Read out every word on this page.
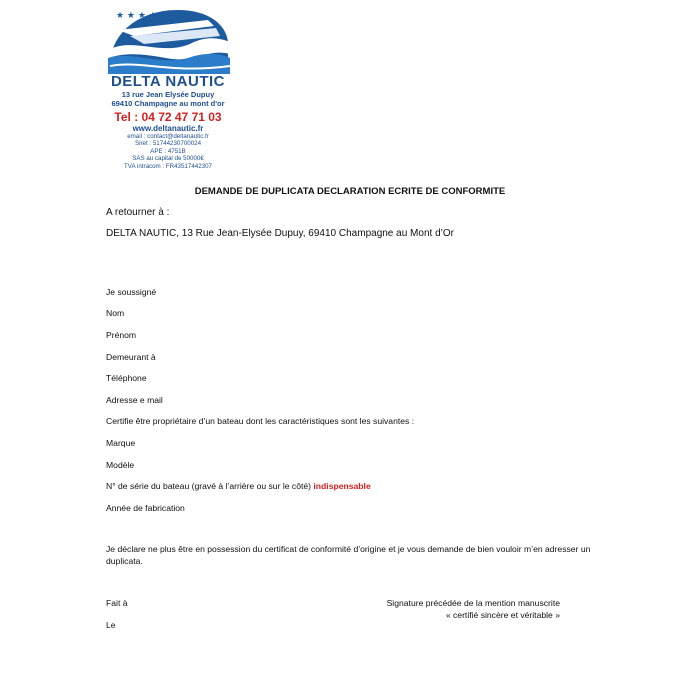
★ ★ ★ ★ ★
DELTA NAUTIC
13 rue Jean Elysée Dupuy
69410 Champagne au mont d'or
Tel : 04 72 47 71 03
www.deltanautic.fr
email : contact@deltanautic.fr
Siret : 51744230700024
APE : 4751B
SAS au capital de 50000€
TVA intracom : FR43517442307
DEMANDE DE DUPLICATA DECLARATION ECRITE DE CONFORMITE
A retourner à :
DELTA NAUTIC, 13 Rue Jean-Elysée Dupuy, 69410 Champagne au Mont d’Or
Je soussigné
Nom
Prénom
Demeurant à
Téléphone
Adresse e mail
Certifie être propriétaire d’un bateau dont les caractéristiques sont les suivantes :
Marque
Modèle
N° de série du bateau (gravé à l’arrière ou sur le côté) indispensable
Année de fabrication
Je déclare ne plus être en possession du certificat de conformité d’origine et je vous demande de bien vouloir m’en adresser un duplicata.
Fait à
Le
Signature précédée de la mention manuscrite
« certifié sincère et véritable »
